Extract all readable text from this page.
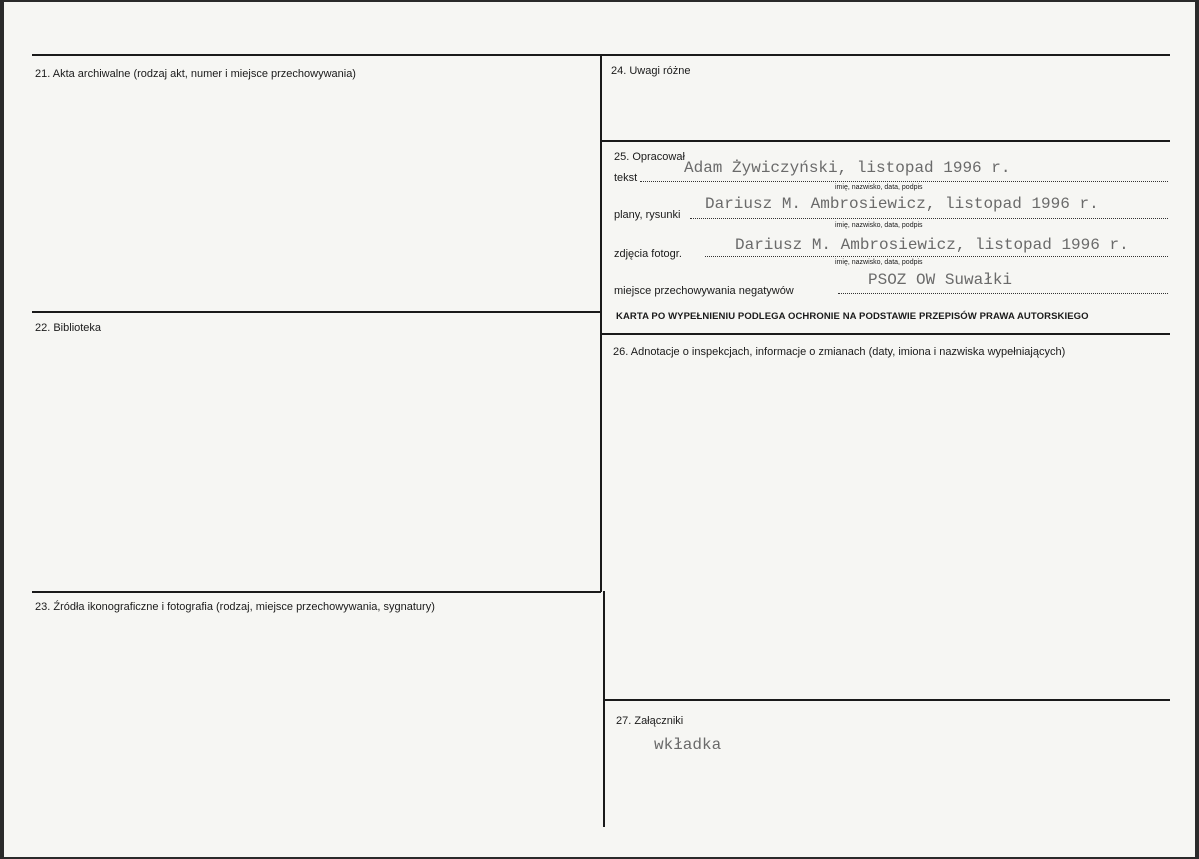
21. Akta archiwalne (rodzaj akt, numer i miejsce przechowywania)
22. Biblioteka
23. Źródła ikonograficzne i fotografia (rodzaj, miejsce przechowywania, sygnatury)
24. Uwagi różne
25. Opracował
tekst
Adam Żywiczyński, listopad 1996 r.
imię, nazwisko, data, podpis
plany, rysunki
Dariusz M. Ambrosiewicz, listopad 1996 r.
imię, nazwisko, data, podpis
zdjęcia fotogr.	Dariusz M. Ambrosiewicz, listopad 1996 r.
imię, nazwisko, data, podpis
miejsce przechowywania negatywów
PSOZ OW Suwałki
KARTA PO WYPEŁNIENIU PODLEGA OCHRONIE NA PODSTAWIE PRZEPISÓW PRAWA AUTORSKIEGO
26. Adnotacje o inspekcjach, informacje o zmianach (daty, imiona i nazwiska wypełniających)
27. Załączniki
wkładka
